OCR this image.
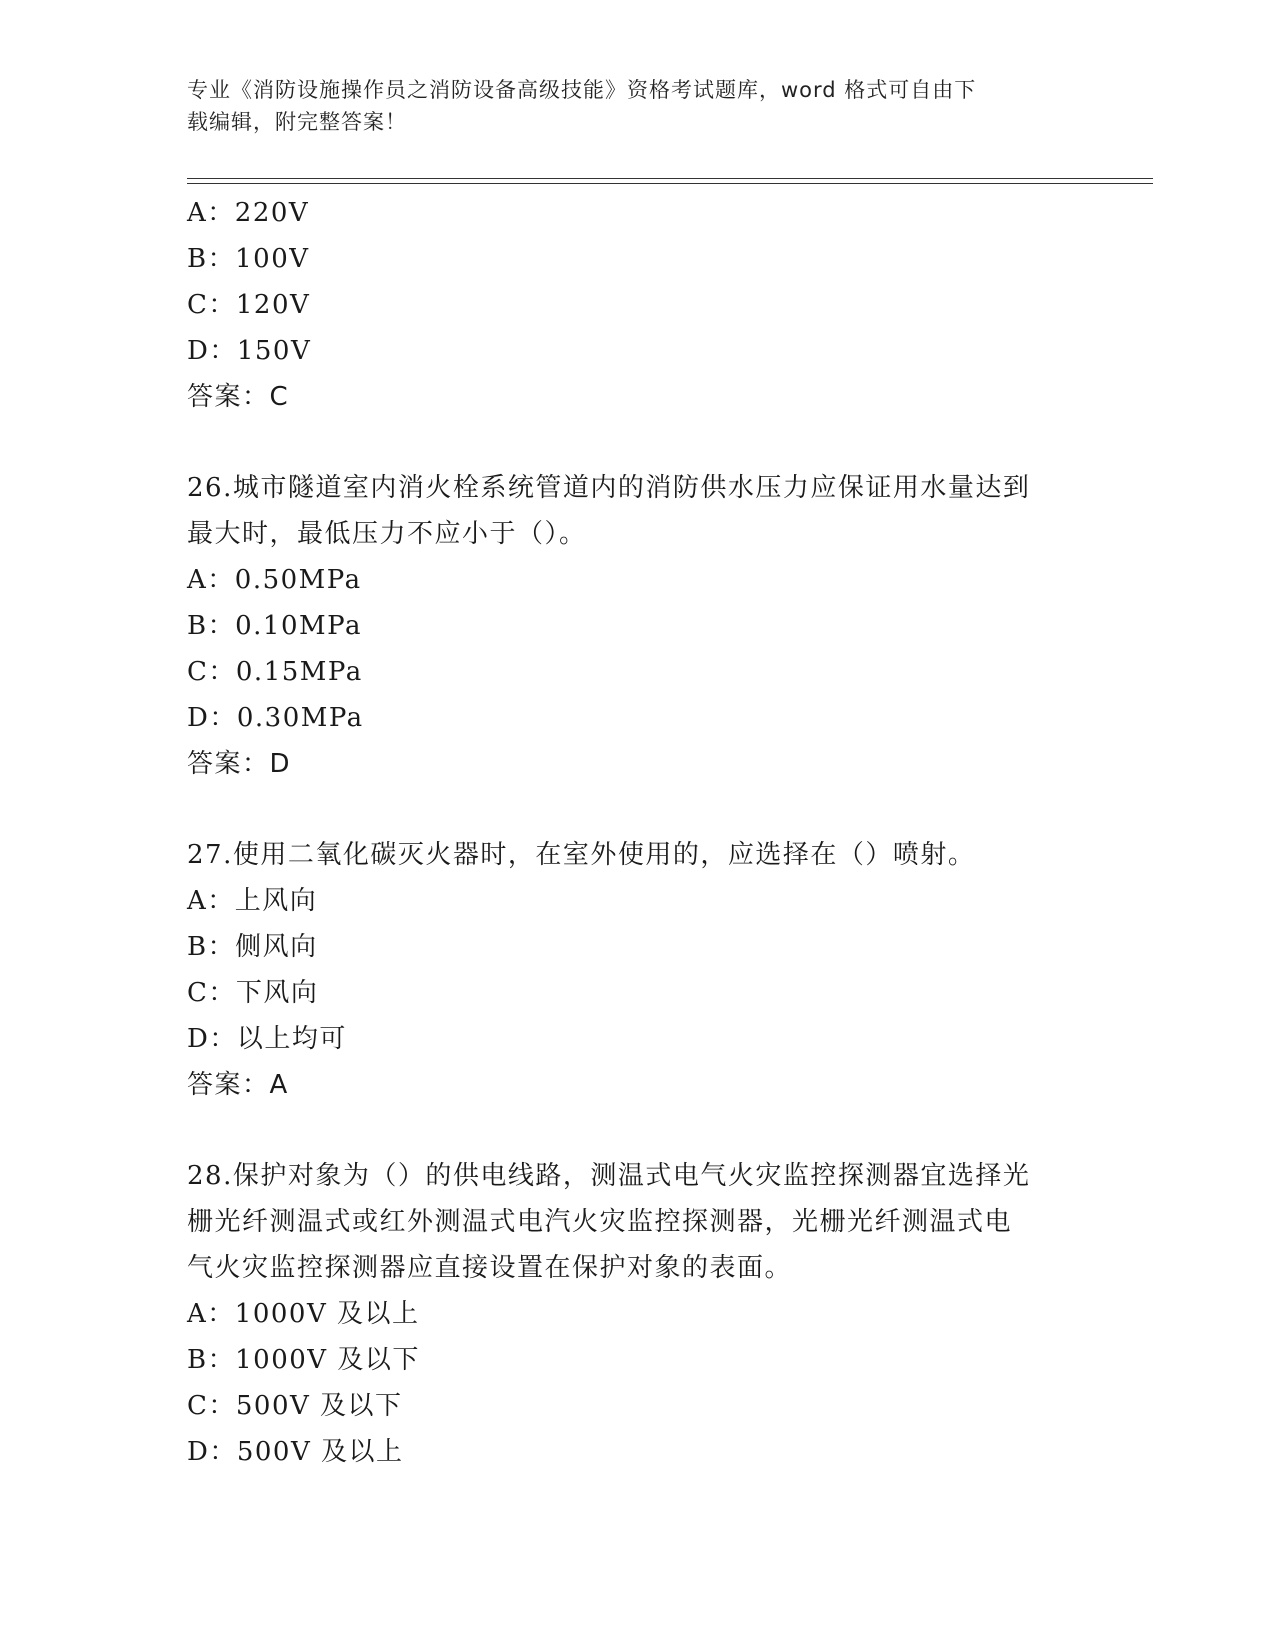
专业《消防设施操作员之消防设备高级技能》资格考试题库，word 格式可自由下
载编辑，附完整答案！
A：220V
B：100V
C：120V
D：150V
答案：C
26.城市隧道室内消火栓系统管道内的消防供水压力应保证用水量达到
最大时，最低压力不应小于（）。
A：0.50MPa
B：0.10MPa
C：0.15MPa
D：0.30MPa
答案：D
27.使用二氧化碳灭火器时，在室外使用的，应选择在（）喷射。
A：上风向
B：侧风向
C：下风向
D：以上均可
答案：A
28.保护对象为（）的供电线路，测温式电气火灾监控探测器宜选择光
栅光纤测温式或红外测温式电汽火灾监控探测器，光栅光纤测温式电
气火灾监控探测器应直接设置在保护对象的表面。
A：1000V 及以上
B：1000V 及以下
C：500V 及以下
D：500V 及以上
